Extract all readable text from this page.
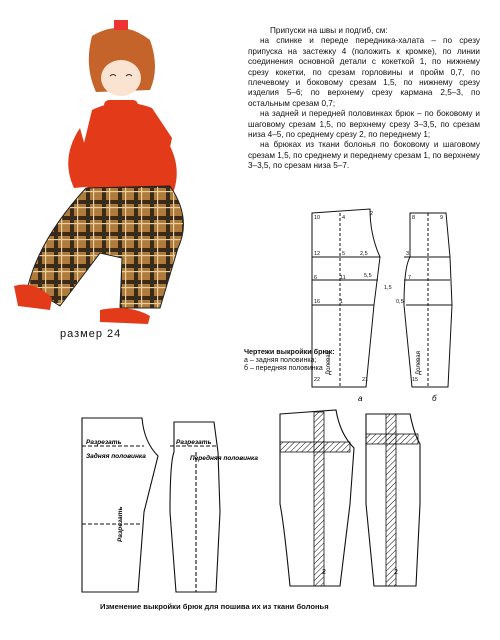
Припуски на швы и подгиб, см:

на спинке и переде передника-халата – по срезу припуска на застежку 4 (положить к кромке), по линии соединения основной детали с кокеткой 1, по нижнему срезу кокетки, по срезам горловины и пройм 0,7, по плечевому и боковому срезам 1,5, по нижнему срезу изделия 5–6; по верхнему срезу кармана 2,5–3, по остальным срезам 0,7;

на задней и передней половинках брюк – по боковому и шаговому срезам 1,5, по верхнему срезу 3–3,5, по срезам низа 4–5, по среднему срезу 2, по переднему 1;

на брюках из ткани болонья по боковому и шаговому срезам 1,5, по среднему и переднему срезам 1, по верхнему 3–3,5, по срезам низа 5–7.

размер 24
Долевая	Долевая
а	б
2
10	4	8	9
12	5	2,5	3
5,5
6	11
1,5
0,5
7
16
22	21	15
1
Чертежи выкройки брюк:
а – задняя половинка;
б – передняя половинка
Разрезать
Задняя половинка
Разрезать
Передняя половинка
Разрезать
2	2
Изменение выкройки брюк для пошива их из ткани болонья
